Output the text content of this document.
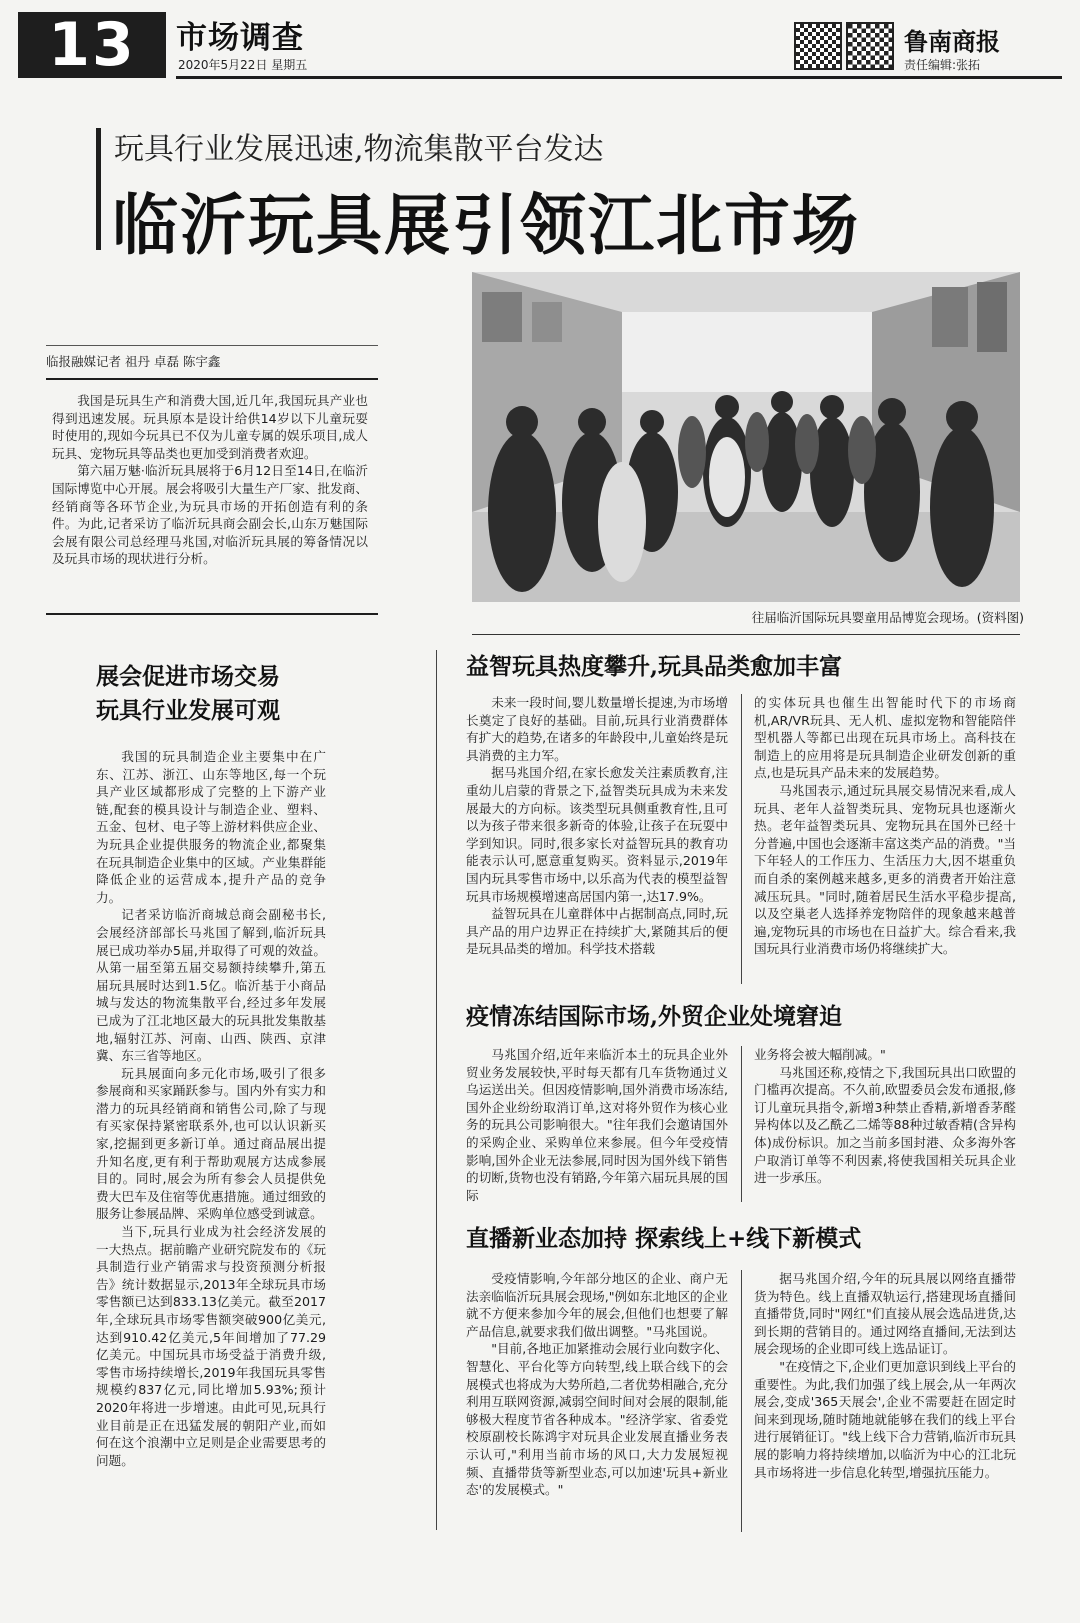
13	市场调查
2020年5月22日 星期五
鲁南商报
责任编辑:张拓
玩具行业发展迅速,物流集散平台发达
临沂玩具展引领江北市场
临报融媒记者 祖丹 卓磊 陈宇鑫

我国是玩具生产和消费大国,近几年,我国玩具产业也得到迅速发展。玩具原本是设计给供14岁以下儿童玩耍时使用的,现如今玩具已不仅为儿童专属的娱乐项目,成人玩具、宠物玩具等品类也更加受到消费者欢迎。

第六届万魅·临沂玩具展将于6月12日至14日,在临沂国际博览中心开展。展会将吸引大量生产厂家、批发商、经销商等各环节企业,为玩具市场的开拓创造有利的条件。为此,记者采访了临沂玩具商会副会长,山东万魅国际会展有限公司总经理马兆国,对临沂玩具展的筹备情况以及玩具市场的现状进行分析。

往届临沂国际玩具婴童用品博览会现场。(资料图)
展会促进市场交易
玩具行业发展可观

我国的玩具制造企业主要集中在广东、江苏、浙江、山东等地区,每一个玩具产业区域都形成了完整的上下游产业链,配套的模具设计与制造企业、塑料、五金、包材、电子等上游材料供应企业、为玩具企业提供服务的物流企业,都聚集在玩具制造企业集中的区域。产业集群能降低企业的运营成本,提升产品的竞争力。

记者采访临沂商城总商会副秘书长,会展经济部部长马兆国了解到,临沂玩具展已成功举办5届,并取得了可观的效益。从第一届至第五届交易额持续攀升,第五届玩具展时达到1.5亿。临沂基于小商品城与发达的物流集散平台,经过多年发展已成为了江北地区最大的玩具批发集散基地,辐射江苏、河南、山西、陕西、京津冀、东三省等地区。

玩具展面向多元化市场,吸引了很多参展商和买家踊跃参与。国内外有实力和潜力的玩具经销商和销售公司,除了与现有买家保持紧密联系外,也可以认识新买家,挖掘到更多新订单。通过商品展出提升知名度,更有利于帮助观展方达成参展目的。同时,展会为所有参会人员提供免费大巴车及住宿等优惠措施。通过细致的服务让参展品牌、采购单位感受到诚意。

当下,玩具行业成为社会经济发展的一大热点。据前瞻产业研究院发布的《玩具制造行业产销需求与投资预测分析报告》统计数据显示,2013年全球玩具市场零售额已达到833.13亿美元。截至2017年,全球玩具市场零售额突破900亿美元,达到910.42亿美元,5年间增加了77.29亿美元。中国玩具市场受益于消费升级,零售市场持续增长,2019年我国玩具零售规模约837亿元,同比增加5.93%;预计2020年将进一步增速。由此可见,玩具行业目前是正在迅猛发展的朝阳产业,而如何在这个浪潮中立足则是企业需要思考的问题。

益智玩具热度攀升,玩具品类愈加丰富

未来一段时间,婴儿数量增长提速,为市场增长奠定了良好的基础。目前,玩具行业消费群体有扩大的趋势,在诸多的年龄段中,儿童始终是玩具消费的主力军。

据马兆国介绍,在家长愈发关注素质教育,注重幼儿启蒙的背景之下,益智类玩具成为未来发展最大的方向标。该类型玩具侧重教育性,且可以为孩子带来很多新奇的体验,让孩子在玩耍中学到知识。同时,很多家长对益智玩具的教育功能表示认可,愿意重复购买。资料显示,2019年国内玩具零售市场中,以乐高为代表的模型益智玩具市场规模增速高居国内第一,达17.9%。

益智玩具在儿童群体中占据制高点,同时,玩具产品的用户边界正在持续扩大,紧随其后的便是玩具品类的增加。科学技术搭载

的实体玩具也催生出智能时代下的市场商机,AR/VR玩具、无人机、虚拟宠物和智能陪伴型机器人等都已出现在玩具市场上。高科技在制造上的应用将是玩具制造企业研发创新的重点,也是玩具产品未来的发展趋势。

马兆国表示,通过玩具展交易情况来看,成人玩具、老年人益智类玩具、宠物玩具也逐渐火热。老年益智类玩具、宠物玩具在国外已经十分普遍,中国也会逐渐丰富这类产品的消费。"当下年轻人的工作压力、生活压力大,因不堪重负而自杀的案例越来越多,更多的消费者开始注意减压玩具。"同时,随着居民生活水平稳步提高,以及空巢老人选择养宠物陪伴的现象越来越普遍,宠物玩具的市场也在日益扩大。综合看来,我国玩具行业消费市场仍将继续扩大。

疫情冻结国际市场,外贸企业处境窘迫

马兆国介绍,近年来临沂本土的玩具企业外贸业务发展较快,平时每天都有几车货物通过义乌运送出关。但因疫情影响,国外消费市场冻结,国外企业纷纷取消订单,这对将外贸作为核心业务的玩具公司影响很大。"往年我们会邀请国外的采购企业、采购单位来参展。但今年受疫情影响,国外企业无法参展,同时因为国外线下销售的切断,货物也没有销路,今年第六届玩具展的国际

业务将会被大幅削减。"

马兆国还称,疫情之下,我国玩具出口欧盟的门槛再次提高。不久前,欧盟委员会发布通报,修订儿童玩具指令,新增3种禁止香精,新增香茅醛异构体以及乙酰乙二烯等88种过敏香精(含异构体)成份标识。加之当前多国封港、众多海外客户取消订单等不利因素,将使我国相关玩具企业进一步承压。

直播新业态加持 探索线上+线下新模式

受疫情影响,今年部分地区的企业、商户无法亲临临沂玩具展会现场,"例如东北地区的企业就不方便来参加今年的展会,但他们也想要了解产品信息,就要求我们做出调整。"马兆国说。

"目前,各地正加紧推动会展行业向数字化、智慧化、平台化等方向转型,线上联合线下的会展模式也将成为大势所趋,二者优势相融合,充分利用互联网资源,减弱空间时间对会展的限制,能够极大程度节省各种成本。"经济学家、省委党校原副校长陈鸿宇对玩具企业发展直播业务表示认可,"利用当前市场的风口,大力发展短视频、直播带货等新型业态,可以加速'玩具+新业态'的发展模式。"

据马兆国介绍,今年的玩具展以网络直播带货为特色。线上直播双轨运行,搭建现场直播间直播带货,同时"网红"们直接从展会选品进货,达到长期的营销目的。通过网络直播间,无法到达展会现场的企业即可线上选品证订。

"在疫情之下,企业们更加意识到线上平台的重要性。为此,我们加强了线上展会,从一年两次展会,变成'365天展会',企业不需要赶在固定时间来到现场,随时随地就能够在我们的线上平台进行展销征订。"线上线下合力营销,临沂市玩具展的影响力将持续增加,以临沂为中心的江北玩具市场将进一步信息化转型,增强抗压能力。
